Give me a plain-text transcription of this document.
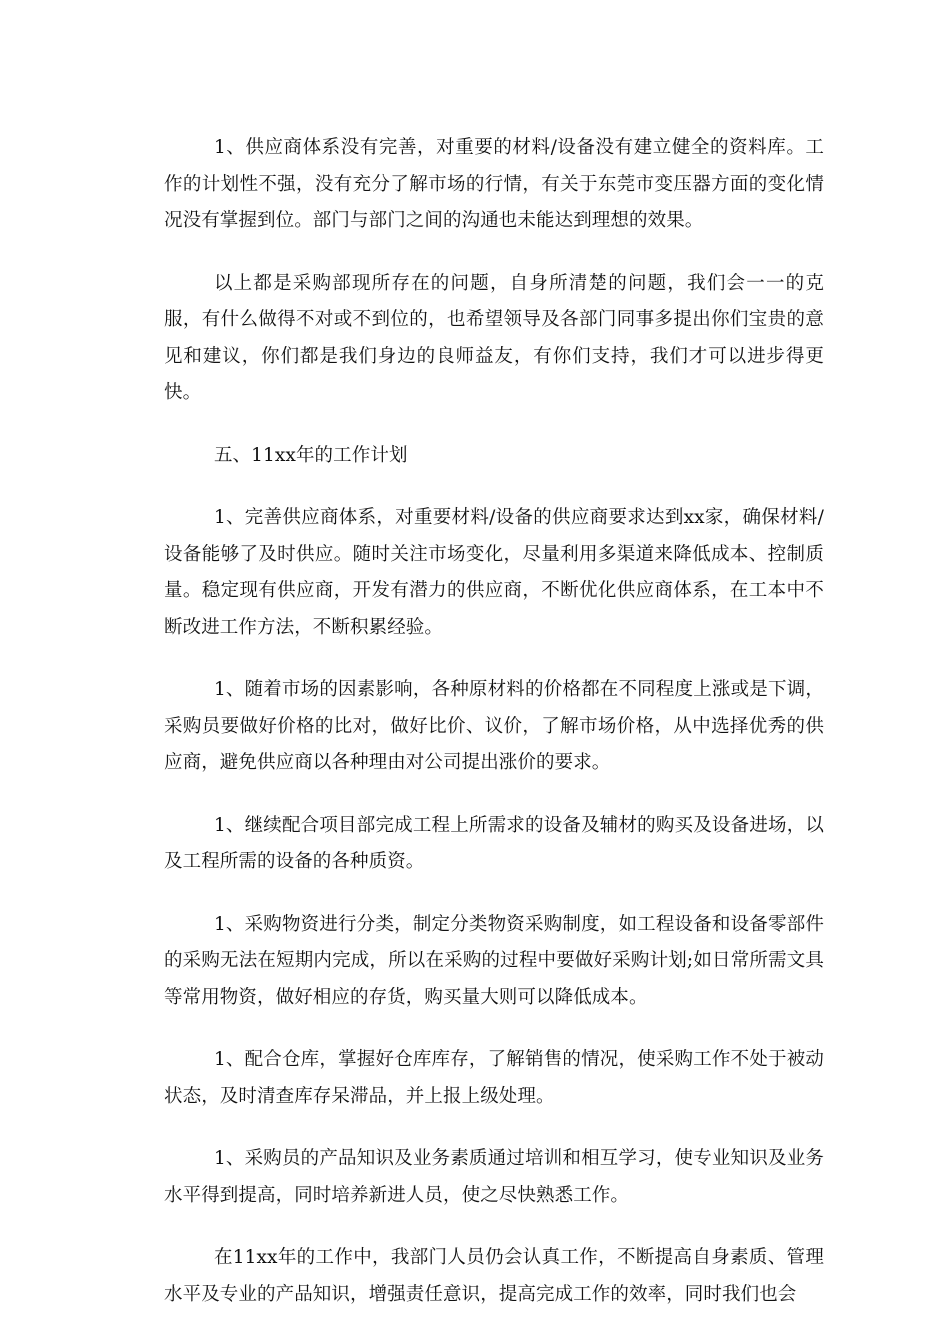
1、供应商体系没有完善，对重要的材料/设备没有建立健全的资料库。工作的计划性不强，没有充分了解市场的行情，有关于东莞市变压器方面的变化情况没有掌握到位。部门与部门之间的沟通也未能达到理想的效果。

以上都是采购部现所存在的问题，自身所清楚的问题，我们会一一的克服，有什么做得不对或不到位的，也希望领导及各部门同事多提出你们宝贵的意见和建议，你们都是我们身边的良师益友，有你们支持，我们才可以进步得更快。

五、11xx年的工作计划

1、完善供应商体系，对重要材料/设备的供应商要求达到xx家，确保材料/设备能够了及时供应。随时关注市场变化，尽量利用多渠道来降低成本、控制质量。稳定现有供应商，开发有潜力的供应商，不断优化供应商体系，在工本中不断改进工作方法，不断积累经验。

1、随着市场的因素影响，各种原材料的价格都在不同程度上涨或是下调，采购员要做好价格的比对，做好比价、议价，了解市场价格，从中选择优秀的供应商，避免供应商以各种理由对公司提出涨价的要求。

1、继续配合项目部完成工程上所需求的设备及辅材的购买及设备进场，以及工程所需的设备的各种质资。

1、采购物资进行分类，制定分类物资采购制度，如工程设备和设备零部件的采购无法在短期内完成，所以在采购的过程中要做好采购计划;如日常所需文具等常用物资，做好相应的存货，购买量大则可以降低成本。

1、配合仓库，掌握好仓库库存，了解销售的情况，使采购工作不处于被动状态，及时清查库存呆滞品，并上报上级处理。

1、采购员的产品知识及业务素质通过培训和相互学习，使专业知识及业务水平得到提高，同时培养新进人员，使之尽快熟悉工作。

在11xx年的工作中，我部门人员仍会认真工作，不断提高自身素质、管理水平及专业的产品知识，增强责任意识，提高完成工作的效率，同时我们也会
